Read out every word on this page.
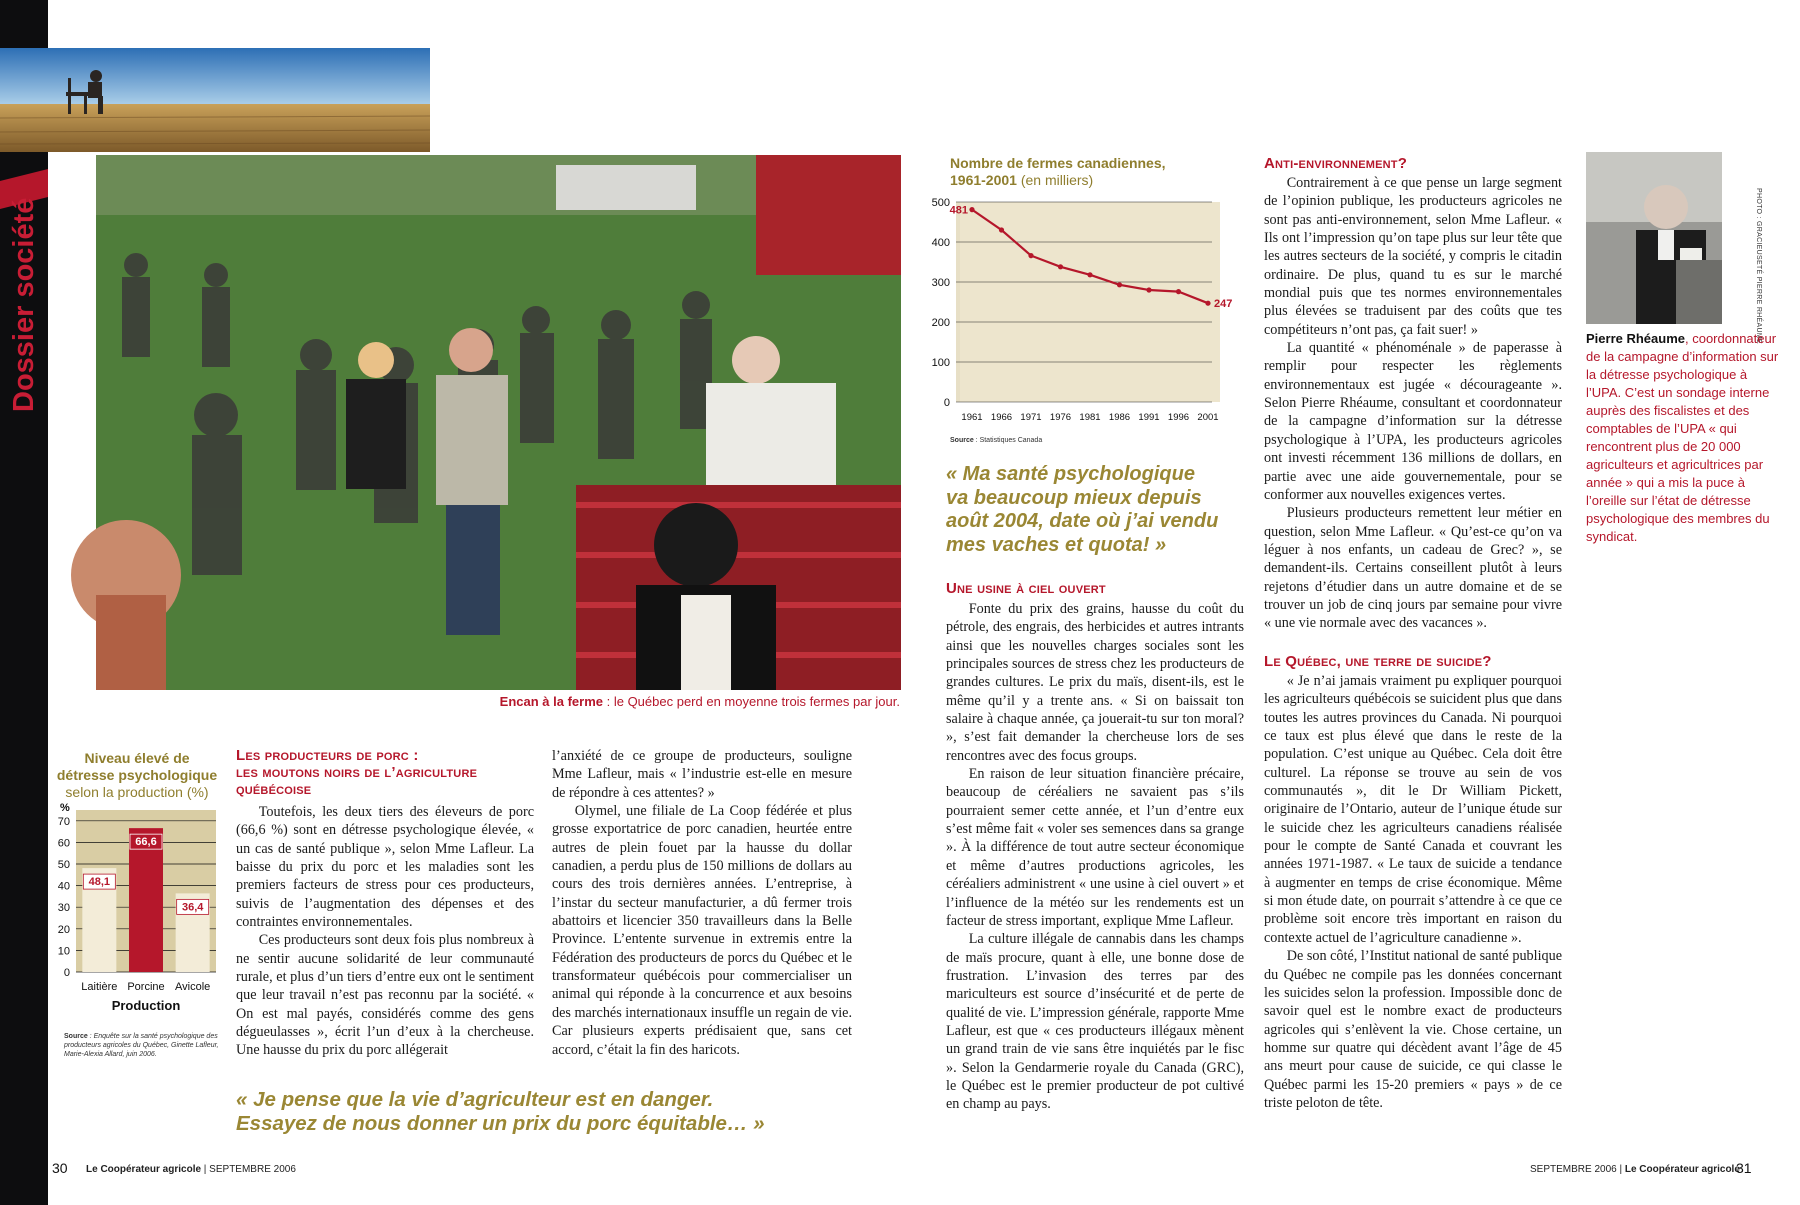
Dossier société
Encan à la ferme : le Québec perd en moyenne trois fermes par jour.
PHOTO : GRACIEUSETÉ PIERRE RHÉAUME
Pierre Rhéaume, coordonnateur de la campagne d’information sur la détresse psychologique à l’UPA. C’est un sondage interne auprès des fiscalistes et des comptables de l’UPA « qui rencontrent plus de 20 000 agriculteurs et agricultrices par année » qui a mis la puce à l’oreille sur l’état de détresse psychologique des membres du syndicat.
Niveau élevé de
détresse psychologique
selon la production (%)
%
0
10
20
30
40
50
60
70
48,1
Laitière
66,6
Porcine
36,4
Avicole
Production
Source : Enquête sur la santé psychologique des producteurs agricoles du Québec, Ginette Lafleur, Marie-Alexia Allard, juin 2006.
Nombre de fermes canadiennes,
1961-2001 (en milliers)
0
100
200
300
400
500
1961 1966 1971 1976 1981 1986 1991 1996 2001
481
247
Source : Statistiques Canada
Les producteurs de porc :
les moutons noirs de l’agriculture
québécoise

Toutefois, les deux tiers des éleveurs de porc (66,6 %) sont en détresse psychologique élevée, « un cas de santé publique », selon Mme Lafleur. La baisse du prix du porc et les maladies sont les premiers facteurs de stress pour ces producteurs, suivis de l’augmentation des dépenses et des contraintes environnementales.

Ces producteurs sont deux fois plus nombreux à ne sentir aucune solidarité de leur communauté rurale, et plus d’un tiers d’entre eux ont le sentiment que leur travail n’est pas reconnu par la société. « On est mal payés, considérés comme des gens dégueulasses », écrit l’un d’eux à la chercheuse. Une hausse du prix du porc allégerait

l’anxiété de ce groupe de producteurs, souligne Mme Lafleur, mais « l’industrie est-elle en mesure de répondre à ces attentes? »

Olymel, une filiale de La Coop fédérée et plus grosse exportatrice de porc canadien, heurtée entre autres de plein fouet par la hausse du dollar canadien, a perdu plus de 150 millions de dollars au cours des trois dernières années. L’entreprise, à l’instar du secteur manufacturier, a dû fermer trois abattoirs et licencier 350 travailleurs dans la Belle Province. L’entente survenue in extremis entre la Fédération des producteurs de porcs du Québec et le transformateur québécois pour commercialiser un animal qui réponde à la concurrence et aux besoins des marchés internationaux insuffle un regain de vie. Car plusieurs experts prédisaient que, sans cet accord, c’était la fin des haricots.

« Je pense que la vie d’agriculteur est en danger.
Essayez de nous donner un prix du porc équitable… »
« Ma santé psychologique
va beaucoup mieux depuis
août 2004, date où j’ai vendu
mes vaches et quota! »
Une usine à ciel ouvert

Fonte du prix des grains, hausse du coût du pétrole, des engrais, des herbicides et autres intrants ainsi que les nouvelles charges sociales sont les principales sources de stress chez les producteurs de grandes cultures. Le prix du maïs, disent-ils, est le même qu’il y a trente ans. « Si on baissait ton salaire à chaque année, ça jouerait-tu sur ton moral? », s’est fait demander la chercheuse lors de ses rencontres avec des focus groups.

En raison de leur situation financière précaire, beaucoup de céréaliers ne savaient pas s’ils pourraient semer cette année, et l’un d’entre eux s’est même fait « voler ses semences dans sa grange ». À la différence de tout autre secteur économique et même d’autres productions agricoles, les céréaliers administrent « une usine à ciel ouvert » et l’influence de la météo sur les rendements est un facteur de stress important, explique Mme Lafleur.

La culture illégale de cannabis dans les champs de maïs procure, quant à elle, une bonne dose de frustration. L’invasion des terres par des mariculteurs est source d’insécurité et de perte de qualité de vie. L’impression générale, rapporte Mme Lafleur, est que « ces producteurs illégaux mènent un grand train de vie sans être inquiétés par le fisc ». Selon la Gendarmerie royale du Canada (GRC), le Québec est le premier producteur de pot cultivé en champ au pays.

Anti-environnement?

Contrairement à ce que pense un large segment de l’opinion publique, les producteurs agricoles ne sont pas anti-environnement, selon Mme Lafleur. « Ils ont l’impression qu’on tape plus sur leur tête que les autres secteurs de la société, y compris le citadin ordinaire. De plus, quand tu es sur le marché mondial puis que tes normes environnementales plus élevées se traduisent par des coûts que tes compétiteurs n’ont pas, ça fait suer! »

La quantité « phénoménale » de paperasse à remplir pour respecter les règlements environnementaux est jugée « décourageante ». Selon Pierre Rhéaume, consultant et coordonnateur de la campagne d’information sur la détresse psychologique à l’UPA, les producteurs agricoles ont investi récemment 136 millions de dollars, en partie avec une aide gouvernementale, pour se conformer aux nouvelles exigences vertes.

Plusieurs producteurs remettent leur métier en question, selon Mme Lafleur. « Qu’est-ce qu’on va léguer à nos enfants, un cadeau de Grec? », se demandent-ils. Certains conseillent plutôt à leurs rejetons d’étudier dans un autre domaine et de se trouver un job de cinq jours par semaine pour vivre « une vie normale avec des vacances ».

Le Québec, une terre de suicide?

« Je n’ai jamais vraiment pu expliquer pourquoi les agriculteurs québécois se suicident plus que dans toutes les autres provinces du Canada. Ni pourquoi ce taux est plus élevé que dans le reste de la population. C’est unique au Québec. Cela doit être culturel. La réponse se trouve au sein de vos communautés », dit le Dr William Pickett, originaire de l’Ontario, auteur de l’unique étude sur le suicide chez les agriculteurs canadiens réalisée pour le compte de Santé Canada et couvrant les années 1971-1987. « Le taux de suicide a tendance à augmenter en temps de crise économique. Même si mon étude date, on pourrait s’attendre à ce que ce problème soit encore très important en raison du contexte actuel de l’agriculture canadienne ».

De son côté, l’Institut national de santé publique du Québec ne compile pas les données concernant les suicides selon la profession. Impossible donc de savoir quel est le nombre exact de producteurs agricoles qui s’enlèvent la vie. Chose certaine, un homme sur quatre qui décèdent avant l’âge de 45 ans meurt pour cause de suicide, ce qui classe le Québec parmi les 15-20 premiers « pays » de ce triste peloton de tête.

30 Le Coopérateur agricole | SEPTEMBRE 2006	SEPTEMBRE 2006 | Le Coopérateur agricole
31
